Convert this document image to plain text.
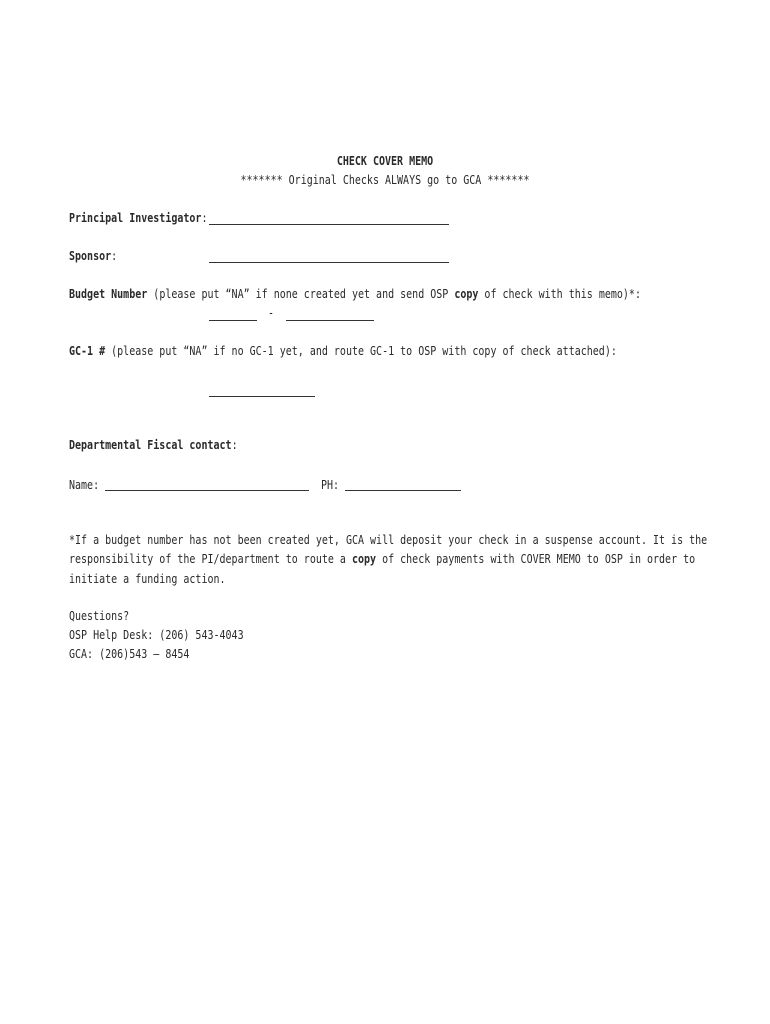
CHECK COVER MEMO
******* Original Checks ALWAYS go to GCA *******
Principal Investigator:
Sponsor:
Budget Number (please put “NA” if none created yet and send OSP copy of check with this memo)*:
-
GC-1 # (please put “NA” if no GC-1 yet, and route GC-1 to OSP with copy of check attached):
Departmental Fiscal contact:
Name:	PH:
*If a budget number has not been created yet, GCA will deposit your check in a suspense account. It is the
responsibility of the PI/department to route a copy of check payments with COVER MEMO to OSP in order to
initiate a funding action.
Questions?
OSP Help Desk: (206) 543-4043
GCA: (206)543 – 8454
